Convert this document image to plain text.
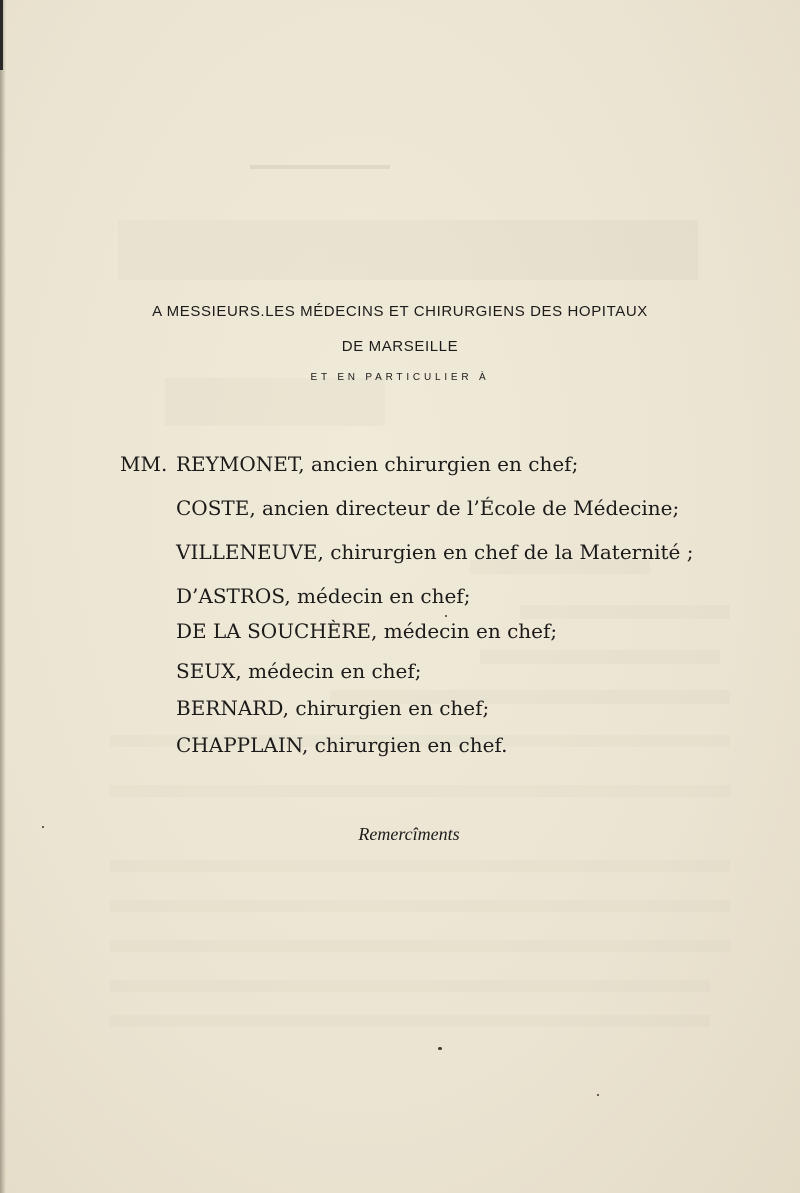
A MESSIEURS.LES MÉDECINS ET CHIRURGIENS DES HOPITAUX
DE MARSEILLE
ET EN PARTICULIER À
MM. REYMONET, ancien chirurgien en chef;
COSTE, ancien directeur de l’École de Médecine;
VILLENEUVE, chirurgien en chef de la Maternité ;
D’ASTROS, médecin en chef;
DE LA SOUCHÈRE, médecin en chef;
SEUX, médecin en chef;
BERNARD, chirurgien en chef;
CHAPPLAIN, chirurgien en chef.
Remercîments
